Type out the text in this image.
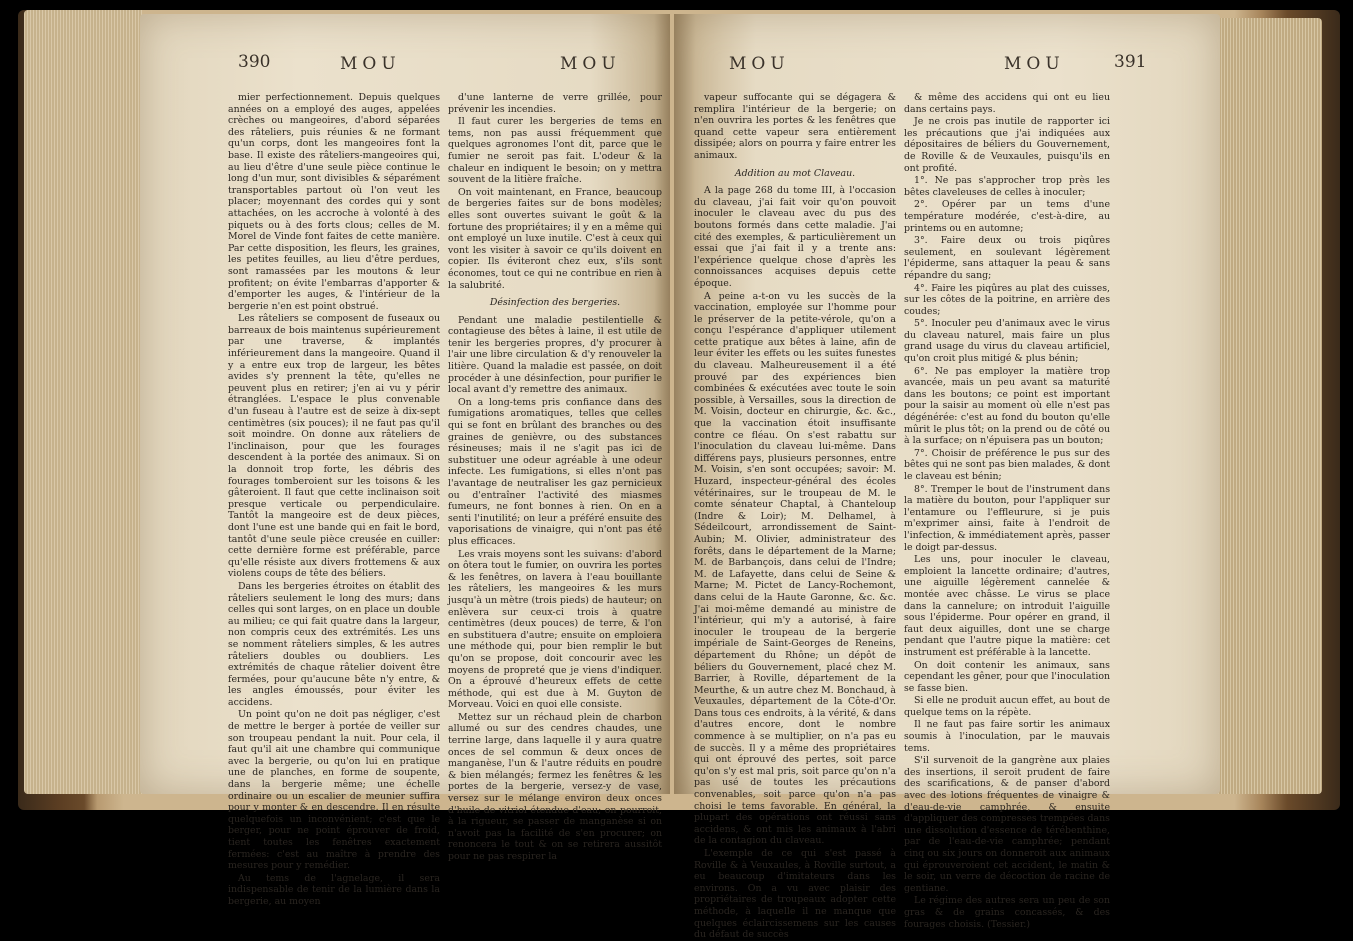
390	MOU	MOU

mier perfectionnement. Depuis quelques années on a employé des auges, appelées crèches ou mangeoires, d'abord séparées des râteliers, puis réunies & ne formant qu'un corps, dont les mangeoires font la base. Il existe des râteliers-mangeoires qui, au lieu d'être d'une seule pièce continue le long d'un mur, sont divisibles & séparément transportables partout où l'on veut les placer; moyennant des cordes qui y sont attachées, on les accroche à volonté à des piquets ou à des forts clous; celles de M. Morel de Vinde font faites de cette manière. Par cette disposition, les fleurs, les graines, les petites feuilles, au lieu d'être perdues, sont ramassées par les moutons & leur profitent; on évite l'embarras d'apporter & d'emporter les auges, & l'intérieur de la bergerie n'en est point obstrué.

Les râteliers se composent de fuseaux ou barreaux de bois maintenus supérieurement par une traverse, & implantés inférieurement dans la mangeoire. Quand il y a entre eux trop de largeur, les bêtes avides s'y prennent la tête, qu'elles ne peuvent plus en retirer; j'en ai vu y périr étranglées. L'espace le plus convenable d'un fuseau à l'autre est de seize à dix-sept centimètres (six pouces); il ne faut pas qu'il soit moindre. On donne aux râteliers de l'inclinaison, pour que les fourages descendent à la portée des animaux. Si on la donnoit trop forte, les débris des fourages tomberoient sur les toisons & les gâteroient. Il faut que cette inclinaison soit presque verticale ou perpendiculaire. Tantôt la mangeoire est de deux pièces, dont l'une est une bande qui en fait le bord, tantôt d'une seule pièce creusée en cuiller: cette dernière forme est préférable, parce qu'elle résiste aux divers frottemens & aux violens coups de tête des béliers.

Dans les bergeries étroites on établit des râteliers seulement le long des murs; dans celles qui sont larges, on en place un double au milieu; ce qui fait quatre dans la largeur, non compris ceux des extrémités. Les uns se nomment râteliers simples, & les autres râteliers doubles ou doubliers. Les extrémités de chaque râtelier doivent être fermées, pour qu'aucune bête n'y entre, & les angles émoussés, pour éviter les accidens.

Un point qu'on ne doit pas négliger, c'est de mettre le berger à portée de veiller sur son troupeau pendant la nuit. Pour cela, il faut qu'il ait une chambre qui communique avec la bergerie, ou qu'on lui en pratique une de planches, en forme de soupente, dans la bergerie même; une échelle ordinaire ou un escalier de meunier suffira pour y monter & en descendre. Il en résulte quelquefois un inconvénient; c'est que le berger, pour ne point éprouver de froid, tient toutes les fenêtres exactement fermées: c'est au maître à prendre des mesures pour y remédier.

Au tems de l'agnelage, il sera indispensable de tenir de la lumière dans la bergerie, au moyen

d'une lanterne de verre grillée, pour prévenir les incendies.

Il faut curer les bergeries de tems en tems, non pas aussi fréquemment que quelques agronomes l'ont dit, parce que le fumier ne seroit pas fait. L'odeur & la chaleur en indiquent le besoin; on y mettra souvent de la litière fraîche.

On voit maintenant, en France, beaucoup de bergeries faites sur de bons modèles; elles sont ouvertes suivant le goût & la fortune des propriétaires; il y en a même qui ont employé un luxe inutile. C'est à ceux qui vont les visiter à savoir ce qu'ils doivent en copier. Ils éviteront chez eux, s'ils sont économes, tout ce qui ne contribue en rien à la salubrité.

Désinfection des bergeries.

Pendant une maladie pestilentielle & contagieuse des bêtes à laine, il est utile de tenir les bergeries propres, d'y procurer à l'air une libre circulation & d'y renouveler la litière. Quand la maladie est passée, on doit procéder à une désinfection, pour purifier le local avant d'y remettre des animaux.

On a long-tems pris confiance dans des fumigations aromatiques, telles que celles qui se font en brûlant des branches ou des graines de genièvre, ou des substances résineuses; mais il ne s'agit pas ici de substituer une odeur agréable à une odeur infecte. Les fumigations, si elles n'ont pas l'avantage de neutraliser les gaz pernicieux ou d'entraîner l'activité des miasmes fumeurs, ne font bonnes à rien. On en a senti l'inutilité; on leur a préféré ensuite des vaporisations de vinaigre, qui n'ont pas été plus efficaces.

Les vrais moyens sont les suivans: d'abord on ôtera tout le fumier, on ouvrira les portes & les fenêtres, on lavera à l'eau bouillante les râteliers, les mangeoires & les murs jusqu'à un mètre (trois pieds) de hauteur; on enlèvera sur ceux-ci trois à quatre centimètres (deux pouces) de terre, & l'on en substituera d'autre; ensuite on emploiera une méthode qui, pour bien remplir le but qu'on se propose, doit concourir avec les moyens de propreté que je viens d'indiquer. On a éprouvé d'heureux effets de cette méthode, qui est due à M. Guyton de Morveau. Voici en quoi elle consiste.

Mettez sur un réchaud plein de charbon allumé ou sur des cendres chaudes, une terrine large, dans laquelle il y aura quatre onces de sel commun & deux onces de manganèse, l'un & l'autre réduits en poudre & bien mélangés; fermez les fenêtres & les portes de la bergerie, versez-y de vase, versez sur le mélange environ deux onces d'huile de vitriol étendue d'eau; on pourroit, à la rigueur, se passer de manganèse si on n'avoit pas la facilité de s'en procurer; on renoncera le tout & on se retirera aussitôt pour ne pas respirer la

MOU	MOU	391

vapeur suffocante qui se dégagera & remplira l'intérieur de la bergerie; on n'en ouvrira les portes & les fenêtres que quand cette vapeur sera entièrement dissipée; alors on pourra y faire entrer les animaux.

Addition au mot Claveau.

A la page 268 du tome III, à l'occasion du claveau, j'ai fait voir qu'on pouvoit inoculer le claveau avec du pus des boutons formés dans cette maladie. J'ai cité des exemples, & particulièrement un essai que j'ai fait il y a trente ans: l'expérience quelque chose d'après les connoissances acquises depuis cette époque.

A peine a-t-on vu les succès de la vaccination, employée sur l'homme pour le préserver de la petite-vérole, qu'on a conçu l'espérance d'appliquer utilement cette pratique aux bêtes à laine, afin de leur éviter les effets ou les suites funestes du claveau. Malheureusement il a été prouvé par des expériences bien combinées & exécutées avec toute le soin possible, à Versailles, sous la direction de M. Voisin, docteur en chirurgie, &c. &c., que la vaccination étoit insuffisante contre ce fléau. On s'est rabattu sur l'inoculation du claveau lui-même. Dans différens pays, plusieurs personnes, entre M. Voisin, s'en sont occupées; savoir: M. Huzard, inspecteur-général des écoles vétérinaires, sur le troupeau de M. le comte sénateur Chaptal, à Chanteloup (Indre & Loir); M. Delhamel, à Sédeilcourt, arrondissement de Saint-Aubin; M. Olivier, administrateur des forêts, dans le département de la Marne; M. de Barbançois, dans celui de l'Indre; M. de Lafayette, dans celui de Seine & Marne; M. Pictet de Lancy-Rochemont, dans celui de la Haute Garonne, &c. &c. J'ai moi-même demandé au ministre de l'intérieur, qui m'y a autorisé, à faire inoculer le troupeau de la bergerie impériale de Saint-Georges de Reneins, département du Rhône; un dépôt de béliers du Gouvernement, placé chez M. Barrier, à Roville, département de la Meurthe, & un autre chez M. Bonchaud, à Veuxaules, département de la Côte-d'Or. Dans tous ces endroits, à la vérité, & dans d'autres encore, dont le nombre commence à se multiplier, on n'a pas eu de succès. Il y a même des propriétaires qui ont éprouvé des pertes, soit parce qu'on s'y est mal pris, soit parce qu'on n'a pas usé de toutes les précautions convenables, soit parce qu'on n'a pas choisi le tems favorable. En général, la plupart des opérations ont réussi sans accidens, & ont mis les animaux à l'abri de la contagion du claveau.

L'exemple de ce qui s'est passé à Roville & à Veuxaules, à Roville surtout, a eu beaucoup d'imitateurs dans les environs. On a vu avec plaisir des propriétaires de troupeaux adopter cette méthode, à laquelle il ne manque que quelques éclaircissemens sur les causes du défaut de succès

& même des accidens qui ont eu lieu dans certains pays.

Je ne crois pas inutile de rapporter ici les précautions que j'ai indiquées aux dépositaires de béliers du Gouvernement, de Roville & de Veuxaules, puisqu'ils en ont profité.

1°. Ne pas s'approcher trop près les bêtes claveleuses de celles à inoculer;

2°. Opérer par un tems d'une température modérée, c'est-à-dire, au printems ou en automne;

3°. Faire deux ou trois piqûres seulement, en soulevant légèrement l'épiderme, sans attaquer la peau & sans répandre du sang;

4°. Faire les piqûres au plat des cuisses, sur les côtes de la poitrine, en arrière des coudes;

5°. Inoculer peu d'animaux avec le virus du claveau naturel, mais faire un plus grand usage du virus du claveau artificiel, qu'on croit plus mitigé & plus bénin;

6°. Ne pas employer la matière trop avancée, mais un peu avant sa maturité dans les boutons; ce point est important pour la saisir au moment où elle n'est pas dégénérée: c'est au fond du bouton qu'elle mûrit le plus tôt; on la prend ou de côté ou à la surface; on n'épuisera pas un bouton;

7°. Choisir de préférence le pus sur des bêtes qui ne sont pas bien malades, & dont le claveau est bénin;

8°. Tremper le bout de l'instrument dans la matière du bouton, pour l'appliquer sur l'entamure ou l'effleurure, si je puis m'exprimer ainsi, faite à l'endroit de l'infection, & immédiatement après, passer le doigt par-dessus.

Les uns, pour inoculer le claveau, emploient la lancette ordinaire; d'autres, une aiguille légèrement cannelée & montée avec châsse. Le virus se place dans la cannelure; on introduit l'aiguille sous l'épiderme. Pour opérer en grand, il faut deux aiguilles, dont une se charge pendant que l'autre pique la matière: cet instrument est préférable à la lancette.

On doit contenir les animaux, sans cependant les gêner, pour que l'inoculation se fasse bien.

Si elle ne produit aucun effet, au bout de quelque tems on la répète.

Il ne faut pas faire sortir les animaux soumis à l'inoculation, par le mauvais tems.

S'il survenoit de la gangrène aux plaies des insertions, il seroit prudent de faire des scarifications, & de panser d'abord avec des lotions fréquentes de vinaigre & d'eau-de-vie camphrée, & ensuite d'appliquer des compresses trempées dans une dissolution d'essence de térébenthine, par de l'eau-de-vie camphrée; pendant cinq ou six jours on donneroit aux animaux qui éprouveroient cet accident, le matin & le soir, un verre de décoction de racine de gentiane.

Le régime des autres sera un peu de son gras & de grains concassés, & des fourages choisis. (Tessier.)
